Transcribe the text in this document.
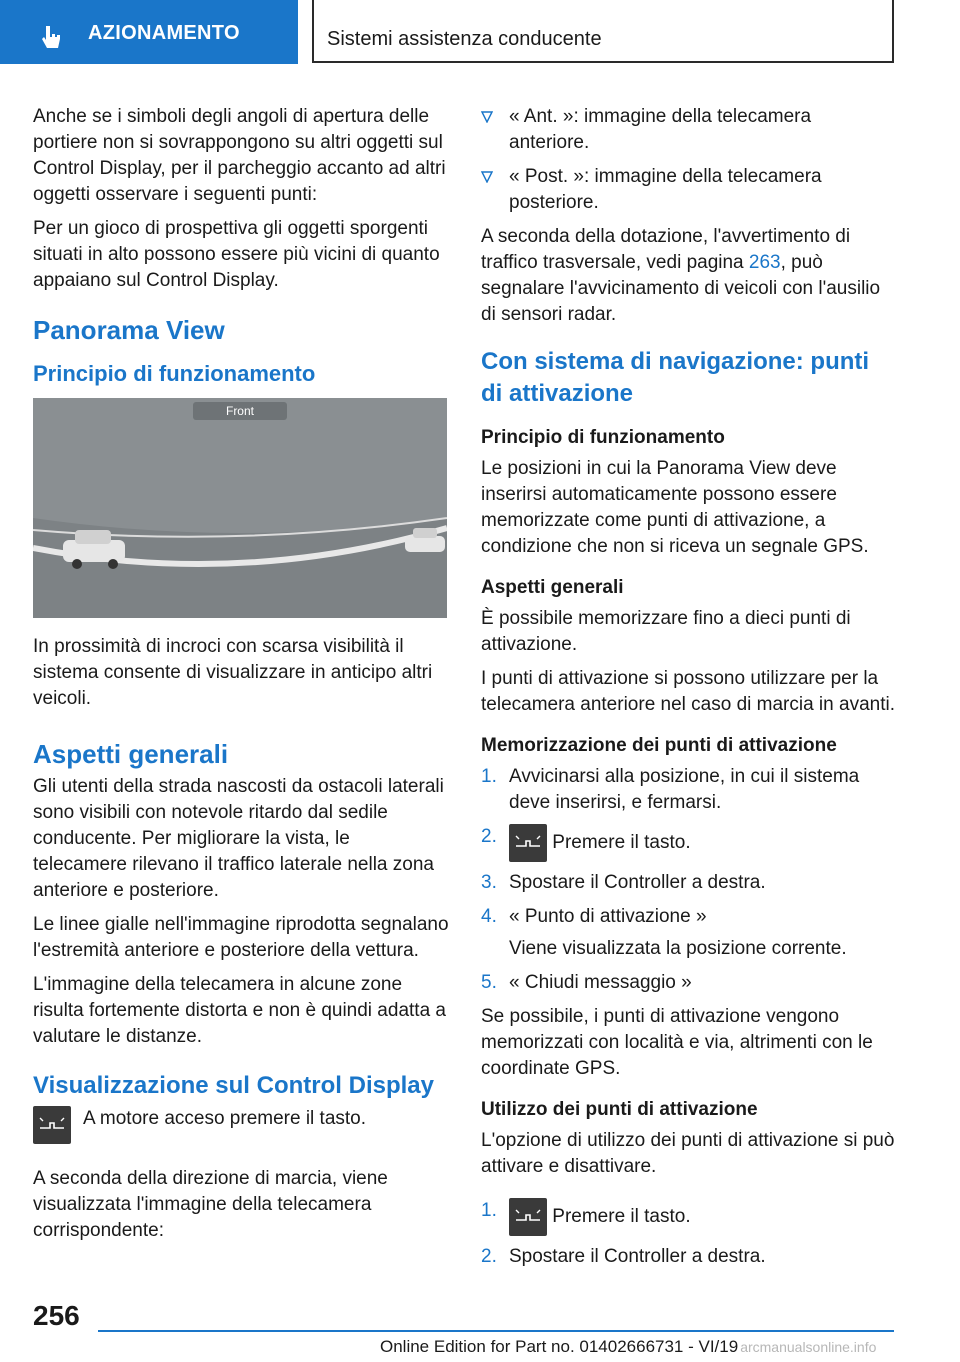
AZIONAMENTO	Sistemi assistenza conducente

Anche se i simboli degli angoli di apertura delle portiere non si sovrappongono su altri oggetti sul Control Display, per il parcheggio accanto ad altri oggetti osservare i seguenti punti:

Per un gioco di prospettiva gli oggetti sporgenti situati in alto possono essere più vicini di quanto appaiano sul Control Display.

Panorama View
Principio di funzionamento
Front

In prossimità di incroci con scarsa visibilità il sistema consente di visualizzare in anticipo altri veicoli.

Aspetti generali

Gli utenti della strada nascosti da ostacoli laterali sono visibili con notevole ritardo dal sedile conducente. Per migliorare la vista, le telecamere rilevano il traffico laterale nella zona anteriore e posteriore.

Le linee gialle nell'immagine riprodotta segnalano l'estremità anteriore e posteriore della vettura.

L'immagine della telecamera in alcune zone risulta fortemente distorta e non è quindi adatta a valutare le distanze.

Visualizzazione sul Control Display
A motore acceso premere il tasto.

A seconda della direzione di marcia, viene visualizzata l'immagine della telecamera corrispondente:

« Ant. »: immagine della telecamera anteriore.
« Post. »: immagine della telecamera posteriore.

A seconda della dotazione, l'avvertimento di traffico trasversale, vedi pagina 263, può segnalare l'avvicinamento di veicoli con l'ausilio di sensori radar.

Con sistema di navigazione: punti di attivazione
Principio di funzionamento

Le posizioni in cui la Panorama View deve inserirsi automaticamente possono essere memorizzate come punti di attivazione, a condizione che non si riceva un segnale GPS.

Aspetti generali

È possibile memorizzare fino a dieci punti di attivazione.

I punti di attivazione si possono utilizzare per la telecamera anteriore nel caso di marcia in avanti.

Memorizzazione dei punti di attivazione
1. Avvicinarsi alla posizione, in cui il sistema deve inserirsi, e fermarsi.
2.	Premere il tasto.
3. Spostare il Controller a destra.
4. « Punto di attivazione »
Viene visualizzata la posizione corrente.
5. « Chiudi messaggio »

Se possibile, i punti di attivazione vengono memorizzati con località e via, altrimenti con le coordinate GPS.

Utilizzo dei punti di attivazione

L'opzione di utilizzo dei punti di attivazione si può attivare e disattivare.

1.	Premere il tasto.
2. Spostare il Controller a destra.
256
Online Edition for Part no. 01402666731 - VI/19 arcmanualsonline.info
